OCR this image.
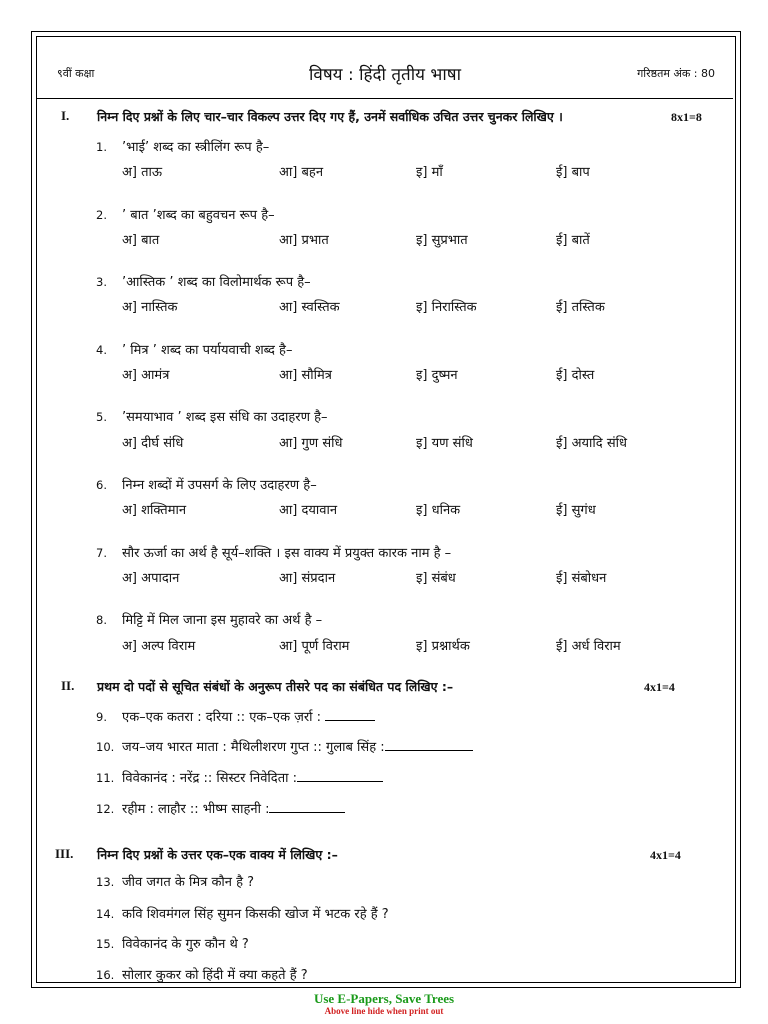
९वीं कक्षा	विषय : हिंदी तृतीय भाषा	गरिष्ठतम अंक : 80
I. निम्न दिए प्रश्नों के लिए चार–चार विकल्प उत्तर दिए गए हैं, उनमें सर्वाधिक उचित उत्तर चुनकर लिखिए ।	8x1=8
1. ’भाई’ शब्द का स्त्रीलिंग रूप है–
अ] ताऊ	आ] बहन	इ] माँ	ई] बाप
2. ’ बात ’शब्द का बहुवचन रूप है–
अ] बात	आ] प्रभात	इ] सुप्रभात	ई] बातें
3. ’आस्तिक ’ शब्द का विलोमार्थक रूप है–
अ] नास्तिक	आ] स्वस्तिक	इ] निरास्तिक	ई] तस्तिक
4. ’ मित्र ’ शब्द का पर्यायवाची शब्द है–
अ] आमंत्र	आ] सौमित्र	इ] दुष्मन	ई] दोस्त
5. ’समयाभाव ’ शब्द इस संधि का उदाहरण है–
अ] दीर्घ संधि	आ] गुण संधि	इ] यण संधि	ई] अयादि संधि
6. निम्न शब्दों में उपसर्ग के लिए उदाहरण है–
अ] शक्तिमान	आ] दयावान	इ] धनिक	ई] सुगंध
7. सौर ऊर्जा का अर्थ है सूर्य–शक्ति । इस वाक्य में प्रयुक्त कारक नाम है –
अ] अपादान	आ] संप्रदान	इ] संबंध	ई] संबोधन
8. मिट्टि में मिल जाना इस मुहावरे का अर्थ है –
अ] अल्प विराम	आ] पूर्ण विराम	इ] प्रश्नार्थक	ई] अर्ध विराम
II. प्रथम दो पदों से सूचित संबंधों के अनुरूप तीसरे पद का संबंधित पद लिखिए :–	4x1=4
9. एक–एक कतरा : दरिया :: एक–एक ज़र्रा :
10. जय–जय भारत माता : मैथिलीशरण गुप्त :: गुलाब सिंह :
11. विवेकानंद : नरेंद्र :: सिस्टर निवेदिता :
12. रहीम : लाहौर :: भीष्म साहनी :
III. निम्न दिए प्रश्नों के उत्तर एक–एक वाक्य में लिखिए :–	4x1=4
13. जीव जगत के मित्र कौन है ?
14. कवि शिवमंगल सिंह सुमन किसकी खोज में भटक रहे हैं ?
15. विवेकानंद के गुरु कौन थे ?
16. सोलार कुकर को हिंदी में क्या कहते हैं ?
Use E-Papers, Save Trees
Above line hide when print out
